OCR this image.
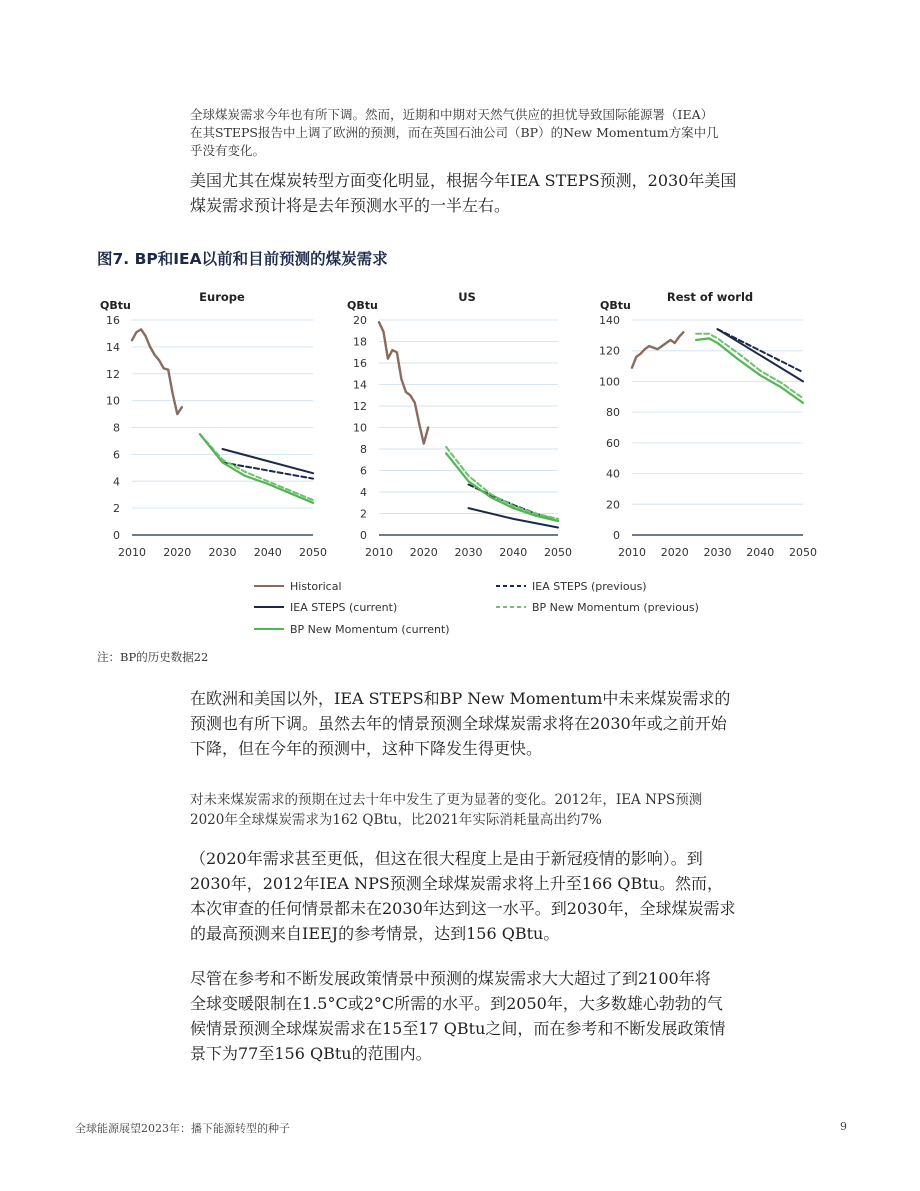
全球煤炭需求今年也有所下调。然而，近期和中期对天然气供应的担忧导致国际能源署（IEA）在其STEPS报告中上调了欧洲的预测，而在英国石油公司（BP）的New Momentum方案中几乎没有变化。
美国尤其在煤炭转型方面变化明显，根据今年IEA STEPS预测，2030年美国煤炭需求预计将是去年预测水平的一半左右。
图7. BP和IEA以前和目前预测的煤炭需求
Europe
QBtu
0
2
4
6
8
10
12
14
16
2010 2020 2030 2040 2050
US
QBtu
0
2
4
6
8
10
12
14
16
18
20
2010 2020 2030 2040 2050
Rest of world
QBtu
0
20
40
60
80
100
120
140
2010 2020 2030 2040 2050
Historical	IEA STEPS (previous)
IEA STEPS (current)	BP New Momentum (previous)
BP New Momentum (current)
注：BP的历史数据22
在欧洲和美国以外，IEA STEPS和BP New Momentum中未来煤炭需求的预测也有所下调。虽然去年的情景预测全球煤炭需求将在2030年或之前开始下降，但在今年的预测中，这种下降发生得更快。
对未来煤炭需求的预期在过去十年中发生了更为显著的变化。2012年，IEA NPS预测2020年全球煤炭需求为162 QBtu，比2021年实际消耗量高出约7%
（2020年需求甚至更低，但这在很大程度上是由于新冠疫情的影响）。到2030年，2012年IEA NPS预测全球煤炭需求将上升至166 QBtu。然而，本次审查的任何情景都未在2030年达到这一水平。到2030年，全球煤炭需求的最高预测来自IEEJ的参考情景，达到156 QBtu。
尽管在参考和不断发展政策情景中预测的煤炭需求大大超过了到2100年将全球变暖限制在1.5°C或2°C所需的水平。到2050年，大多数雄心勃勃的气候情景预测全球煤炭需求在15至17 QBtu之间，而在参考和不断发展政策情景下为77至156 QBtu的范围内。
全球能源展望2023年：播下能源转型的种子	9
